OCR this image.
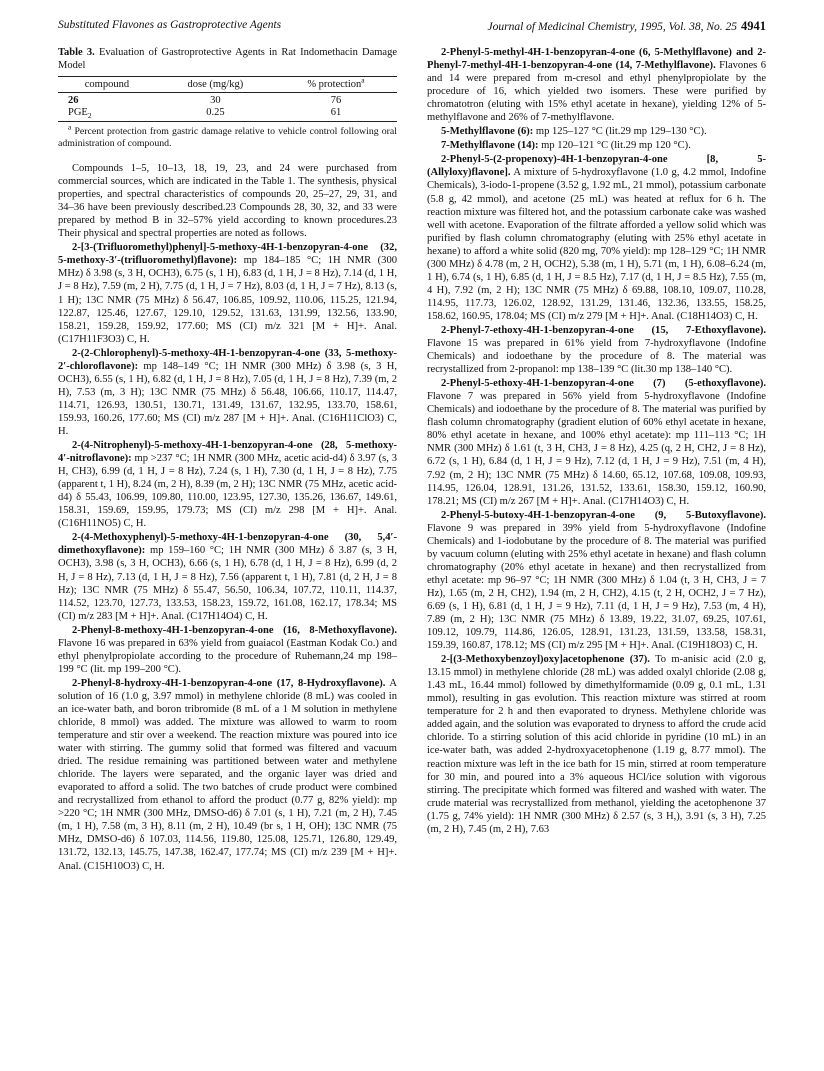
Substituted Flavones as Gastroprotective Agents	Journal of Medicinal Chemistry, 1995, Vol. 38, No. 25 4941
Table 3. Evaluation of Gastroprotective Agents in Rat Indomethacin Damage Model
compound	dose (mg/kg)	% protection$^a$
26	30	76
$PGE_2$	0.25	61
$^a$ Percent protection from gastric damage relative to vehicle control following oral administration of compound.

Compounds 1–5, 10–13, 18, 19, 23, and 24 were purchased from commercial sources, which are indicated in the Table 1. The synthesis, physical properties, and spectral characteristics of compounds 20, 25–27, 29, 31, and 34–36 have been previously described.23 Compounds 28, 30, 32, and 33 were prepared by method B in 32–57% yield according to known procedures.23 Their physical and spectral properties are noted as follows.

2-[3-(Trifluoromethyl)phenyl]-5-methoxy-4H-1-benzopyran-4-one (32, 5-methoxy-3′-(trifluoromethyl)flavone): mp 184–185 °C; 1H NMR (300 MHz) δ 3.98 (s, 3 H, OCH3), 6.75 (s, 1 H), 6.83 (d, 1 H, J = 8 Hz), 7.14 (d, 1 H, J = 8 Hz), 7.59 (m, 2 H), 7.75 (d, 1 H, J = 7 Hz), 8.03 (d, 1 H, J = 7 Hz), 8.13 (s, 1 H); 13C NMR (75 MHz) δ 56.47, 106.85, 109.92, 110.06, 115.25, 121.94, 122.87, 125.46, 127.67, 129.10, 129.52, 131.63, 131.99, 132.56, 133.90, 158.21, 159.28, 159.92, 177.60; MS (CI) m/z 321 [M + H]+. Anal. (C17H11F3O3) C, H.

2-(2-Chlorophenyl)-5-methoxy-4H-1-benzopyran-4-one (33, 5-methoxy-2′-chloroflavone): mp 148–149 °C; 1H NMR (300 MHz) δ 3.98 (s, 3 H, OCH3), 6.55 (s, 1 H), 6.82 (d, 1 H, J = 8 Hz), 7.05 (d, 1 H, J = 8 Hz), 7.39 (m, 2 H), 7.53 (m, 3 H); 13C NMR (75 MHz) δ 56.48, 106.66, 110.17, 114.47, 114.71, 126.93, 130.51, 130.71, 131.49, 131.67, 132.95, 133.70, 158.61, 159.93, 160.26, 177.60; MS (CI) m/z 287 [M + H]+. Anal. (C16H11ClO3) C, H.

2-(4-Nitrophenyl)-5-methoxy-4H-1-benzopyran-4-one (28, 5-methoxy-4′-nitroflavone): mp >237 °C; 1H NMR (300 MHz, acetic acid-d4) δ 3.97 (s, 3 H, CH3), 6.99 (d, 1 H, J = 8 Hz), 7.24 (s, 1 H), 7.30 (d, 1 H, J = 8 Hz), 7.75 (apparent t, 1 H), 8.24 (m, 2 H), 8.39 (m, 2 H); 13C NMR (75 MHz, acetic acid-d4) δ 55.43, 106.99, 109.80, 110.00, 123.95, 127.30, 135.26, 136.67, 149.61, 158.31, 159.69, 159.95, 179.73; MS (CI) m/z 298 [M + H]+. Anal. (C16H11NO5) C, H.

2-(4-Methoxyphenyl)-5-methoxy-4H-1-benzopyran-4-one (30, 5,4′-dimethoxyflavone): mp 159–160 °C; 1H NMR (300 MHz) δ 3.87 (s, 3 H, OCH3), 3.98 (s, 3 H, OCH3), 6.66 (s, 1 H), 6.78 (d, 1 H, J = 8 Hz), 6.99 (d, 2 H, J = 8 Hz), 7.13 (d, 1 H, J = 8 Hz), 7.56 (apparent t, 1 H), 7.81 (d, 2 H, J = 8 Hz); 13C NMR (75 MHz) δ 55.47, 56.50, 106.34, 107.72, 110.11, 114.37, 114.52, 123.70, 127.73, 133.53, 158.23, 159.72, 161.08, 162.17, 178.34; MS (CI) m/z 283 [M + H]+. Anal. (C17H14O4) C, H.

2-Phenyl-8-methoxy-4H-1-benzopyran-4-one (16, 8-Methoxyflavone). Flavone 16 was prepared in 63% yield from guaiacol (Eastman Kodak Co.) and ethyl phenylpropiolate according to the procedure of Ruhemann,24 mp 198–199 °C (lit. mp 199–200 °C).

2-Phenyl-8-hydroxy-4H-1-benzopyran-4-one (17, 8-Hydroxyflavone). A solution of 16 (1.0 g, 3.97 mmol) in methylene chloride (8 mL) was cooled in an ice-water bath, and boron tribromide (8 mL of a 1 M solution in methylene chloride, 8 mmol) was added. The mixture was allowed to warm to room temperature and stir over a weekend. The reaction mixture was poured into ice water with stirring. The gummy solid that formed was filtered and vacuum dried. The residue remaining was partitioned between water and methylene chloride. The layers were separated, and the organic layer was dried and evaporated to afford a solid. The two batches of crude product were combined and recrystallized from ethanol to afford the product (0.77 g, 82% yield): mp >220 °C; 1H NMR (300 MHz, DMSO-d6) δ 7.01 (s, 1 H), 7.21 (m, 2 H), 7.45 (m, 1 H), 7.58 (m, 3 H), 8.11 (m, 2 H), 10.49 (br s, 1 H, OH); 13C NMR (75 MHz, DMSO-d6) δ 107.03, 114.56, 119.80, 125.08, 125.71, 126.80, 129.49, 131.72, 132.13, 145.75, 147.38, 162.47, 177.74; MS (CI) m/z 239 [M + H]+. Anal. (C15H10O3) C, H.

2-Phenyl-5-methyl-4H-1-benzopyran-4-one (6, 5-Methylflavone) and 2-Phenyl-7-methyl-4H-1-benzopyran-4-one (14, 7-Methylflavone). Flavones 6 and 14 were prepared from m-cresol and ethyl phenylpropiolate by the procedure of 16, which yielded two isomers. These were purified by chromatotron (eluting with 15% ethyl acetate in hexane), yielding 12% of 5-methylflavone and 26% of 7-methylflavone.

5-Methylflavone (6): mp 125–127 °C (lit.29 mp 129–130 °C).

7-Methylflavone (14): mp 120–121 °C (lit.29 mp 120 °C).

2-Phenyl-5-(2-propenoxy)-4H-1-benzopyran-4-one [8, 5-(Allyloxy)flavone]. A mixture of 5-hydroxyflavone (1.0 g, 4.2 mmol, Indofine Chemicals), 3-iodo-1-propene (3.52 g, 1.92 mL, 21 mmol), potassium carbonate (5.8 g, 42 mmol), and acetone (25 mL) was heated at reflux for 6 h. The reaction mixture was filtered hot, and the potassium carbonate cake was washed well with acetone. Evaporation of the filtrate afforded a yellow solid which was purified by flash column chromatography (eluting with 25% ethyl acetate in hexane) to afford a white solid (820 mg, 70% yield): mp 128–129 °C; 1H NMR (300 MHz) δ 4.78 (m, 2 H, OCH2), 5.38 (m, 1 H), 5.71 (m, 1 H), 6.08–6.24 (m, 1 H), 6.74 (s, 1 H), 6.85 (d, 1 H, J = 8.5 Hz), 7.17 (d, 1 H, J = 8.5 Hz), 7.55 (m, 4 H), 7.92 (m, 2 H); 13C NMR (75 MHz) δ 69.88, 108.10, 109.07, 110.28, 114.95, 117.73, 126.02, 128.92, 131.29, 131.46, 132.36, 133.55, 158.25, 158.62, 160.95, 178.04; MS (CI) m/z 279 [M + H]+. Anal. (C18H14O3) C, H.

2-Phenyl-7-ethoxy-4H-1-benzopyran-4-one (15, 7-Ethoxyflavone). Flavone 15 was prepared in 61% yield from 7-hydroxyflavone (Indofine Chemicals) and iodoethane by the procedure of 8. The material was recrystallized from 2-propanol: mp 138–139 °C (lit.30 mp 138–140 °C).

2-Phenyl-5-ethoxy-4H-1-benzopyran-4-one (7) (5-ethoxyflavone). Flavone 7 was prepared in 56% yield from 5-hydroxyflavone (Indofine Chemicals) and iodoethane by the procedure of 8. The material was purified by flash column chromatography (gradient elution of 60% ethyl acetate in hexane, 80% ethyl acetate in hexane, and 100% ethyl acetate): mp 111–113 °C; 1H NMR (300 MHz) δ 1.61 (t, 3 H, CH3, J = 8 Hz), 4.25 (q, 2 H, CH2, J = 8 Hz), 6.72 (s, 1 H), 6.84 (d, 1 H, J = 9 Hz), 7.12 (d, 1 H, J = 9 Hz), 7.51 (m, 4 H), 7.92 (m, 2 H); 13C NMR (75 MHz) δ 14.60, 65.12, 107.68, 109.08, 109.93, 114.95, 126.04, 128.91, 131.26, 131.52, 133.61, 158.30, 159.12, 160.90, 178.21; MS (CI) m/z 267 [M + H]+. Anal. (C17H14O3) C, H.

2-Phenyl-5-butoxy-4H-1-benzopyran-4-one (9, 5-Butoxyflavone). Flavone 9 was prepared in 39% yield from 5-hydroxyflavone (Indofine Chemicals) and 1-iodobutane by the procedure of 8. The material was purified by vacuum column (eluting with 25% ethyl acetate in hexane) and flash column chromatography (20% ethyl acetate in hexane) and then recrystallized from ethyl acetate: mp 96–97 °C; 1H NMR (300 MHz) δ 1.04 (t, 3 H, CH3, J = 7 Hz), 1.65 (m, 2 H, CH2), 1.94 (m, 2 H, CH2), 4.15 (t, 2 H, OCH2, J = 7 Hz), 6.69 (s, 1 H), 6.81 (d, 1 H, J = 9 Hz), 7.11 (d, 1 H, J = 9 Hz), 7.53 (m, 4 H), 7.89 (m, 2 H); 13C NMR (75 MHz) δ 13.89, 19.22, 31.07, 69.25, 107.61, 109.12, 109.79, 114.86, 126.05, 128.91, 131.23, 131.59, 133.58, 158.31, 159.39, 160.87, 178.12; MS (CI) m/z 295 [M + H]+. Anal. (C19H18O3) C, H.

2-[(3-Methoxybenzoyl)oxy]acetophenone (37). To m-anisic acid (2.0 g, 13.15 mmol) in methylene chloride (28 mL) was added oxalyl chloride (2.08 g, 1.43 mL, 16.44 mmol) followed by dimethylformamide (0.09 g, 0.1 mL, 1.31 mmol), resulting in gas evolution. This reaction mixture was stirred at room temperature for 2 h and then evaporated to dryness. Methylene chloride was added again, and the solution was evaporated to dryness to afford the crude acid chloride. To a stirring solution of this acid chloride in pyridine (10 mL) in an ice-water bath, was added 2-hydroxyacetophenone (1.19 g, 8.77 mmol). The reaction mixture was left in the ice bath for 15 min, stirred at room temperature for 30 min, and poured into a 3% aqueous HCl/ice solution with vigorous stirring. The precipitate which formed was filtered and washed with water. The crude material was recrystallized from methanol, yielding the acetophenone 37 (1.75 g, 74% yield): 1H NMR (300 MHz) δ 2.57 (s, 3 H,), 3.91 (s, 3 H), 7.25 (m, 2 H), 7.45 (m, 2 H), 7.63
